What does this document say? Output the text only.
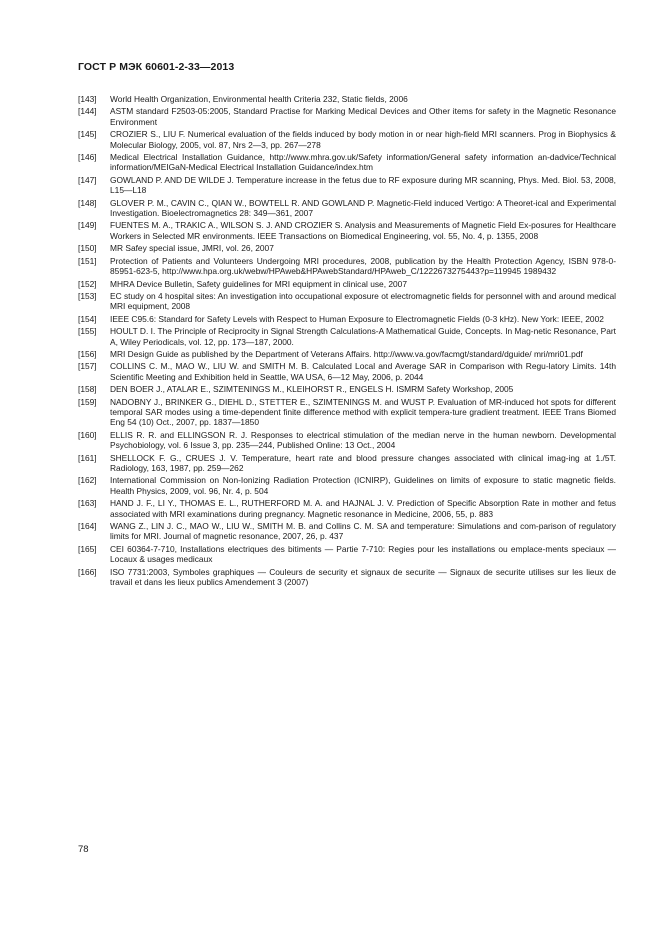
ГОСТ Р МЭК 60601-2-33—2013
[143]	World Health Organization, Environmental health Criteria 232, Static fields, 2006
[144]	ASTM standard F2503-05:2005, Standard Practise for Marking Medical Devices and Other items for safety in the Magnetic Resonance Environment
[145]	CROZIER S., LIU F. Numerical evaluation of the fields induced by body motion in or near high-field MRI scanners. Prog in Biophysics & Molecular Biology, 2005, vol. 87, Nrs 2—3, pp. 267—278
[146]	Medical Electrical Installation Guidance, http://www.mhra.gov.uk/Safety information/General safety information an-dadvice/Technical information/MEIGaN-Medical Electrical Installation Guidance/index.htm
[147]	GOWLAND P. AND DE WILDE J. Temperature increase in the fetus due to RF exposure during MR scanning, Phys. Med. Biol. 53, 2008, L15—L18
[148]	GLOVER P. M., CAVIN C., QIAN W., BOWTELL R. AND GOWLAND P. Magnetic-Field induced Vertigo: A Theoret-ical and Experimental Investigation. Bioelectromagnetics 28: 349—361, 2007
[149]	FUENTES M. A., TRAKIC A., WILSON S. J. AND CROZIER S. Analysis and Measurements of Magnetic Field Ex-posures for Healthcare Workers in Selected MR environments. IEEE Transactions on Biomedical Engineering, vol. 55, No. 4, p. 1355, 2008
[150]	MR Safey special issue, JMRI, vol. 26, 2007
[151]	Protection of Patients and Volunteers Undergoing MRI procedures, 2008, publication by the Health Protection Agency, ISBN 978-0-85951-623-5, http://www.hpa.org.uk/webw/HPAweb&HPAwebStandard/HPAweb_C/1222673275443?p=119945 1989432
[152]	MHRA Device Bulletin, Safety guidelines for MRI equipment in clinical use, 2007
[153]	EC study on 4 hospital sites: An investigation into occupational exposure ot electromagnetic fields for personnel with and around medical MRI equipment, 2008
[154]	IEEE C95.6: Standard for Safety Levels with Respect to Human Exposure to Electromagnetic Fields (0-3 kHz). New York: IEEE, 2002
[155]	HOULT D. I. The Principle of Reciprocity in Signal Strength Calculations-A Mathematical Guide, Concepts. In Mag-netic Resonance, Part A, Wiley Periodicals, vol. 12, pp. 173—187, 2000.
[156]	MRI Design Guide as published by the Department of Veterans Affairs. http://www.va.gov/facmgt/standard/dguide/ mri/mri01.pdf
[157]	COLLINS C. M., MAO W., LIU W. and SMITH M. B. Calculated Local and Average SAR in Comparison with Regu-latory Limits. 14th Scientific Meeting and Exhibition held in Seattle, WA USA, 6—12 May, 2006, p. 2044
[158]	DEN BOER J., ATALAR E., SZIMTENINGS M., KLEIHORST R., ENGELS H. ISMRM Safety Workshop, 2005
[159]	NADOBNY J., BRINKER G., DIEHL D., STETTER E., SZIMTENINGS M. and WUST P. Evaluation of MR-induced hot spots for different temporal SAR modes using a time-dependent finite difference method with explicit tempera-ture gradient treatment. IEEE Trans Biomed Eng 54 (10) Oct., 2007, pp. 1837—1850
[160]	ELLIS R. R. and ELLINGSON R. J. Responses to electrical stimulation of the median nerve in the human newborn. Developmental Psychobiology, vol. 6 Issue 3, pp. 235—244, Published Online: 13 Oct., 2004
[161]	SHELLOCK F. G., CRUES J. V. Temperature, heart rate and blood pressure changes associated with clinical imag-ing at 1./5T. Radiology, 163, 1987, pp. 259—262
[162]	International Commission on Non-Ionizing Radiation Protection (ICNIRP), Guidelines on limits of exposure to static magnetic fields. Health Physics, 2009, vol. 96, Nr. 4, p. 504
[163]	HAND J. F., LI Y., THOMAS E. L., RUTHERFORD M. A. and HAJNAL J. V. Prediction of Specific Absorption Rate in mother and fetus associated with MRI examinations during pregnancy. Magnetic resonance in Medicine, 2006, 55, p. 883
[164]	WANG Z., LIN J. C., MAO W., LIU W., SMITH M. B. and Collins C. M. SA and temperature: Simulations and com-parison of regulatory limits for MRI. Journal of magnetic resonance, 2007, 26, p. 437
[165]	CEI 60364-7-710, Installations electriques des bitiments — Partie 7-710: Regies pour les installations ou emplace-ments speciaux — Locaux & usages medicaux
[166]	ISO 7731:2003, Symboles graphiques — Couleurs de security et signaux de securite — Signaux de securite utilises sur les lieux de travail et dans les lieux publics Amendement 3 (2007)
78
